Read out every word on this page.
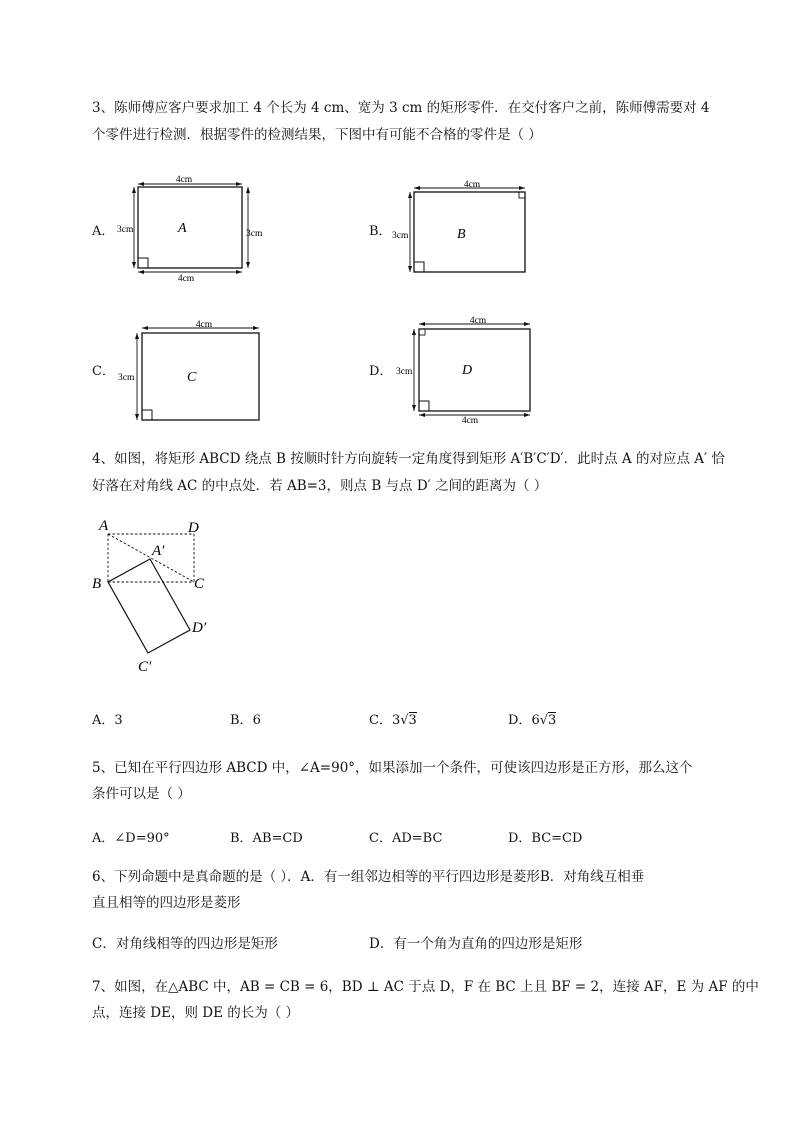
3、陈师傅应客户要求加工 4 个长为 4 cm、宽为 3 cm 的矩形零件．在交付客户之前，陈师傅需要对 4
个零件进行检测．根据零件的检测结果，下图中有可能不合格的零件是（ ）
A．
4cm
4cm
3cm	3cm
A	B．
4cm
3cm	B
C．
4cm
3cm	C	D．
4cm
4cm
3cm	D
4、如图，将矩形 ABCD 绕点 B 按顺时针方向旋转一定角度得到矩形 A′B′C′D′．此时点 A 的对应点 A′ 恰
好落在对角线 AC 的中点处．若 AB=3，则点 B 与点 D′ 之间的距离为（ ）
A	D
A′
B	C
D′
C′
A．3	B．6	C．3√3	D．6√3
5、已知在平行四边形 ABCD 中，∠A=90°，如果添加一个条件，可使该四边形是正方形，那么这个
条件可以是（ ）
A．∠D=90°	B．AB=CD	C．AD=BC	D．BC=CD
6、下列命题中是真命题的是（ ）．A．有一组邻边相等的平行四边形是菱形B．对角线互相垂
直且相等的四边形是菱形
C．对角线相等的四边形是矩形	D．有一个角为直角的四边形是矩形
7、如图，在△ABC 中，AB = CB = 6，BD ⊥ AC 于点 D，F 在 BC 上且 BF = 2，连接 AF，E 为 AF 的中
点，连接 DE，则 DE 的长为（ ）
